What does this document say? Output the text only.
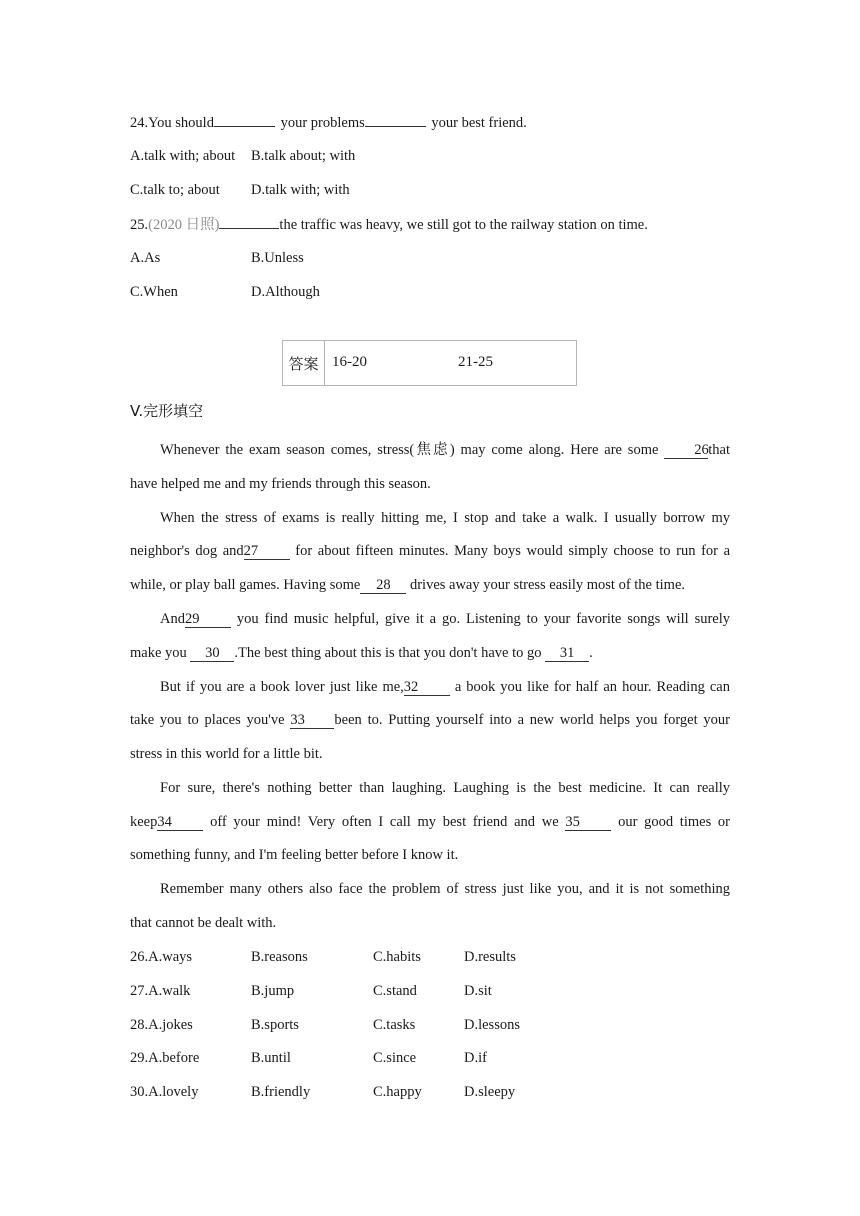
24.You should	your problems	your best friend.
A.talk with; about B.talk about; with
C.talk to; about D.talk with; with
25.(2020 日照)	the traffic was heavy, we still got to the railway station on time.
A.As	B.Unless
C.When	D.Although
答案 16-20	21-25
V.完形填空
Whenever the exam season comes, stress(焦虑) may come along. Here are some 26that
have helped me and my friends through this season.
When the stress of exams is really hitting me, I stop and take a walk. I usually borrow my
neighbor's dog and27	for about fifteen minutes. Many boys would simply choose to run for a
while, or play ball games. Having some 28 drives away your stress easily most of the time.
And29	you find music helpful, give it a go. Listening to your favorite songs will surely
make you 30 .The best thing about this is that you don't have to go 31 .
But if you are a book lover just like me,32	a book you like for half an hour. Reading can
take you to places you've 33 been to. Putting yourself into a new world helps you forget your
stress in this world for a little bit.
For sure, there's nothing better than laughing. Laughing is the best medicine. It can really
keep34	off your mind! Very often I call my best friend and we 35	our good times or
something funny, and I'm feeling better before I know it.
Remember many others also face the problem of stress just like you, and it is not something
that cannot be dealt with.
26.A.ways	B.reasons	C.habits	D.results
27.A.walk	B.jump	C.stand	D.sit
28.A.jokes	B.sports	C.tasks	D.lessons
29.A.before	B.until	C.since	D.if
30.A.lovely	B.friendly	C.happy	D.sleepy
